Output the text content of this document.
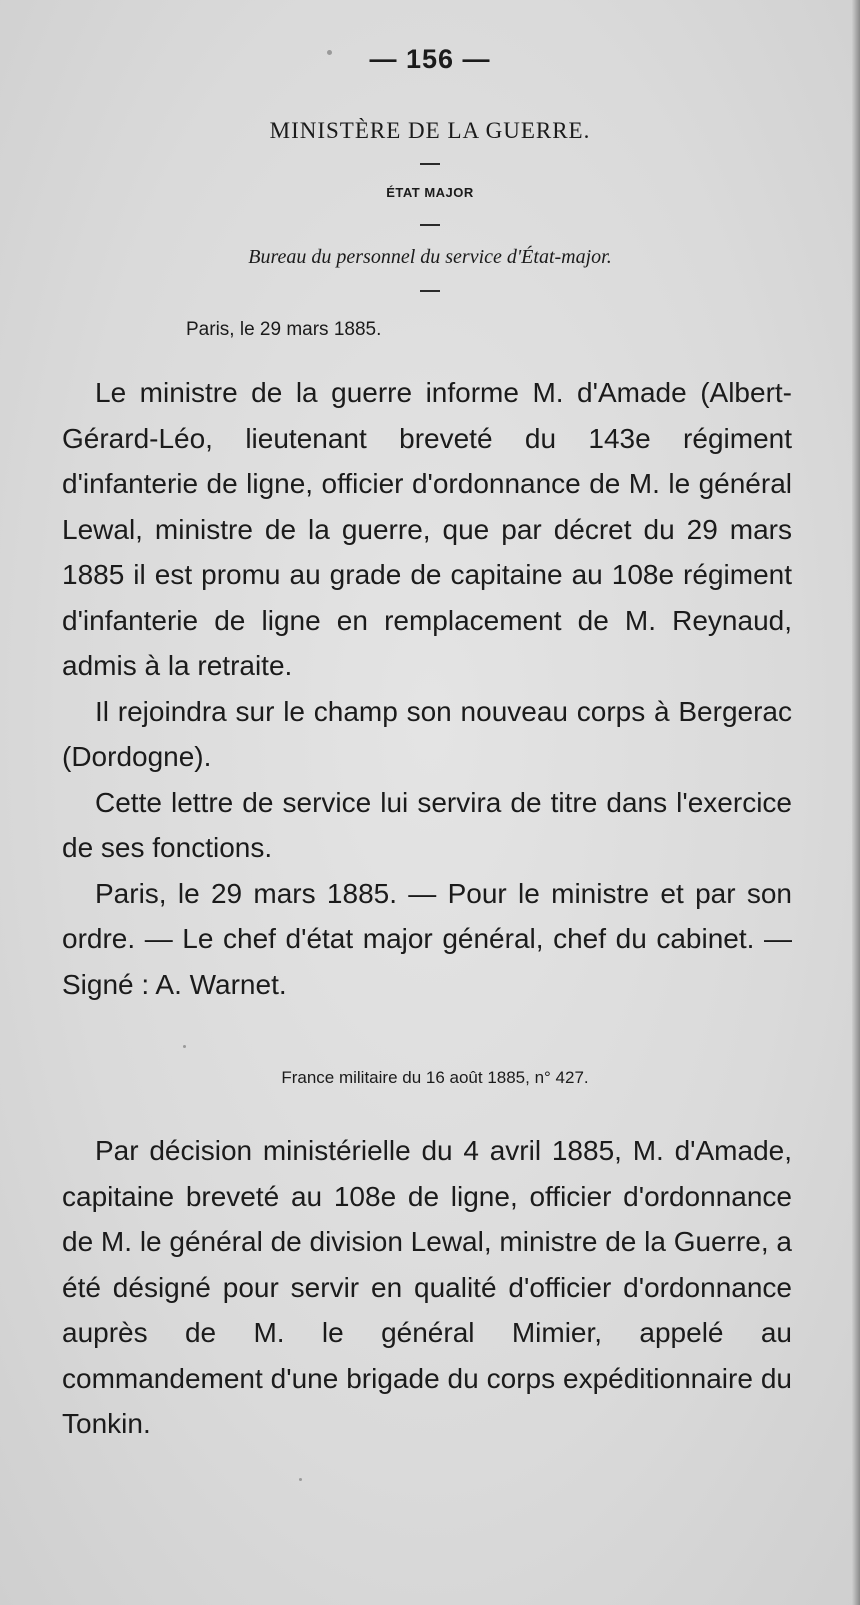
— 156 —
MINISTÈRE DE LA GUERRE.
ÉTAT MAJOR
Bureau du personnel du service d'État-major.
Paris, le 29 mars 1885.

Le ministre de la guerre informe M. d'Amade (Albert-Gérard-Léo, lieutenant breveté du 143e régiment d'infanterie de ligne, officier d'ordonnance de M. le général Lewal, ministre de la guerre, que par décret du 29 mars 1885 il est promu au grade de capitaine au 108e régiment d'infanterie de ligne en remplacement de M. Reynaud, admis à la retraite.

Il rejoindra sur le champ son nouveau corps à Bergerac (Dordogne).

Cette lettre de service lui servira de titre dans l'exercice de ses fonctions.

Paris, le 29 mars 1885. — Pour le ministre et par son ordre. — Le chef d'état major général, chef du cabinet. — Signé : A. Warnet.

France militaire du 16 août 1885, n° 427.

Par décision ministérielle du 4 avril 1885, M. d'Amade, capitaine breveté au 108e de ligne, officier d'ordonnance de M. le général de division Lewal, ministre de la Guerre, a été désigné pour servir en qualité d'officier d'ordonnance auprès de M. le général Mimier, appelé au commandement d'une brigade du corps expéditionnaire du Tonkin.
